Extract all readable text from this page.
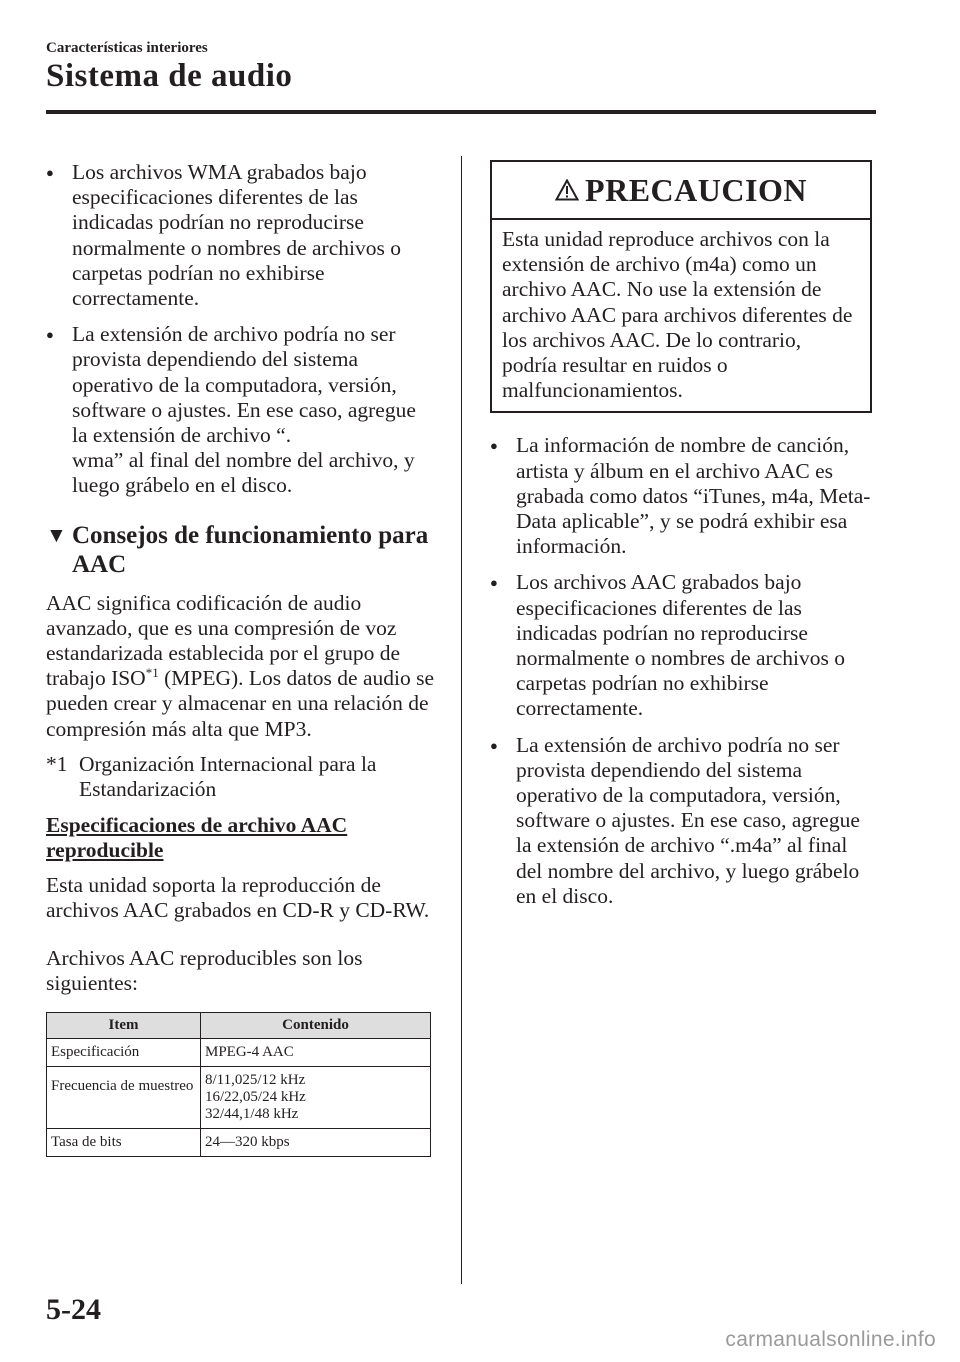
Características interiores
Sistema de audio

● Los archivos WMA grabados bajo especificaciones diferentes de las indicadas podrían no reproducirse normalmente o nombres de archivos o carpetas podrían no exhibirse correctamente.

● La extensión de archivo podría no ser provista dependiendo del sistema operativo de la computadora, versión, software o ajustes. En ese caso, agregue la extensión de archivo “.

wma” al final del nombre del archivo, y luego grábelo en el disco.

▼ Consejos de funcionamiento para AAC

AAC significa codificación de audio avanzado, que es una compresión de voz estandarizada establecida por el grupo de trabajo ISO$^{*1}$ (MPEG). Los datos de audio se pueden crear y almacenar en una relación de compresión más alta que MP3.

*1 Organización Internacional para la Estandarización

Especificaciones de archivo AAC reproducible

Esta unidad soporta la reproducción de archivos AAC grabados en CD-R y CD-RW.

Archivos AAC reproducibles son los siguientes:

Item	Contenido
Especificación	MPEG-4 AAC
Frecuencia de muestreo	8/11,025/12 kHz
16/22,05/24 kHz
32/44,1/48 kHz

Tasa de bits	24―320 kbps
PRECAUCION
Esta unidad reproduce archivos con la extensión de archivo (m4a) como un archivo AAC. No use la extensión de archivo AAC para archivos diferentes de los archivos AAC. De lo contrario, podría resultar en ruidos o malfuncionamientos.

● La información de nombre de canción, artista y álbum en el archivo AAC es grabada como datos “iTunes, m4a, Meta-Data aplicable”, y se podrá exhibir esa información.

● Los archivos AAC grabados bajo especificaciones diferentes de las indicadas podrían no reproducirse normalmente o nombres de archivos o carpetas podrían no exhibirse correctamente.

● La extensión de archivo podría no ser provista dependiendo del sistema operativo de la computadora, versión, software o ajustes. En ese caso, agregue la extensión de archivo “.m4a” al final del nombre del archivo, y luego grábelo en el disco.

5-24
carmanualsonline.info
